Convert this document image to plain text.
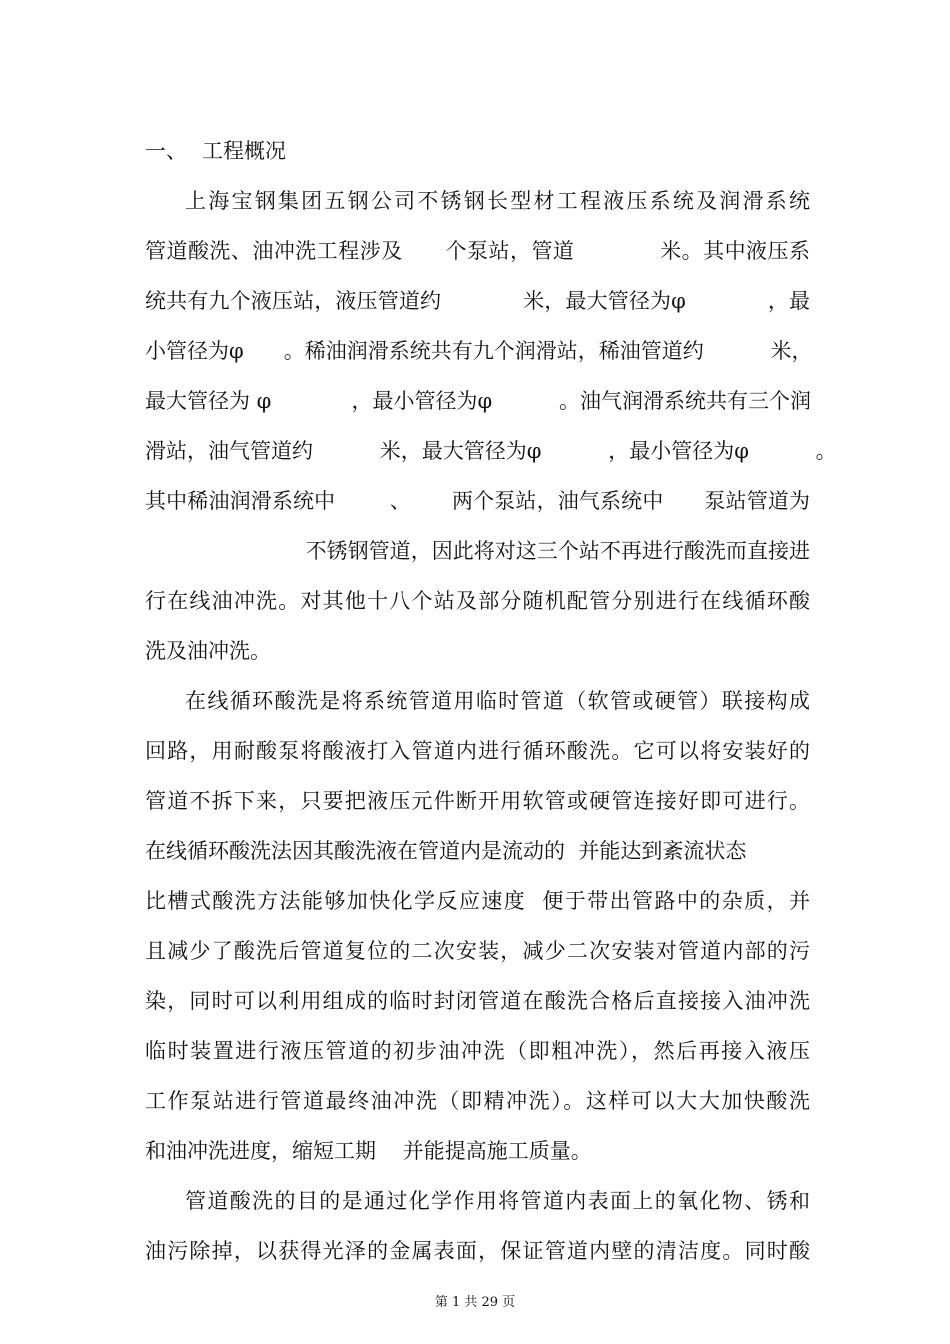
一、 工程概况
上海宝钢集团五钢公司不锈钢长型材工程液压系统及润滑系统
管道酸洗、油冲洗工程涉及      个泵站，管道            米。其中液压系
统共有九个液压站，液压管道约            米，最大管径为φ            ，最
小管径为φ      。稀油润滑系统共有九个润滑站，稀油管道约          米，
最大管径为 φ            ，最小管径为φ          。油气润滑系统共有三个润
滑站，油气管道约          米，最大管径为φ          ，最小管径为φ          。
其中稀油润滑系统中        、      两个泵站，油气系统中      泵站管道为
不锈钢管道，因此将对这三个站不再进行酸洗而直接进
行在线油冲洗。对其他十八个站及部分随机配管分别进行在线循环酸
洗及油冲洗。
在线循环酸洗是将系统管道用临时管道（软管或硬管）联接构成
回路，用耐酸泵将酸液打入管道内进行循环酸洗。它可以将安装好的
管道不拆下来，只要把液压元件断开用软管或硬管连接好即可进行。
在线循环酸洗法因其酸洗液在管道内是流动的  并能达到紊流状态
比槽式酸洗方法能够加快化学反应速度  便于带出管路中的杂质，并
且减少了酸洗后管道复位的二次安装，减少二次安装对管道内部的污
染，同时可以利用组成的临时封闭管道在酸洗合格后直接接入油冲洗
临时装置进行液压管道的初步油冲洗（即粗冲洗），然后再接入液压
工作泵站进行管道最终油冲洗（即精冲洗）。这样可以大大加快酸洗
和油冲洗进度，缩短工期    并能提高施工质量。
管道酸洗的目的是通过化学作用将管道内表面上的氧化物、锈和
油污除掉，以获得光泽的金属表面，保证管道内壁的清洁度。同时酸
第 1 共 29 页
